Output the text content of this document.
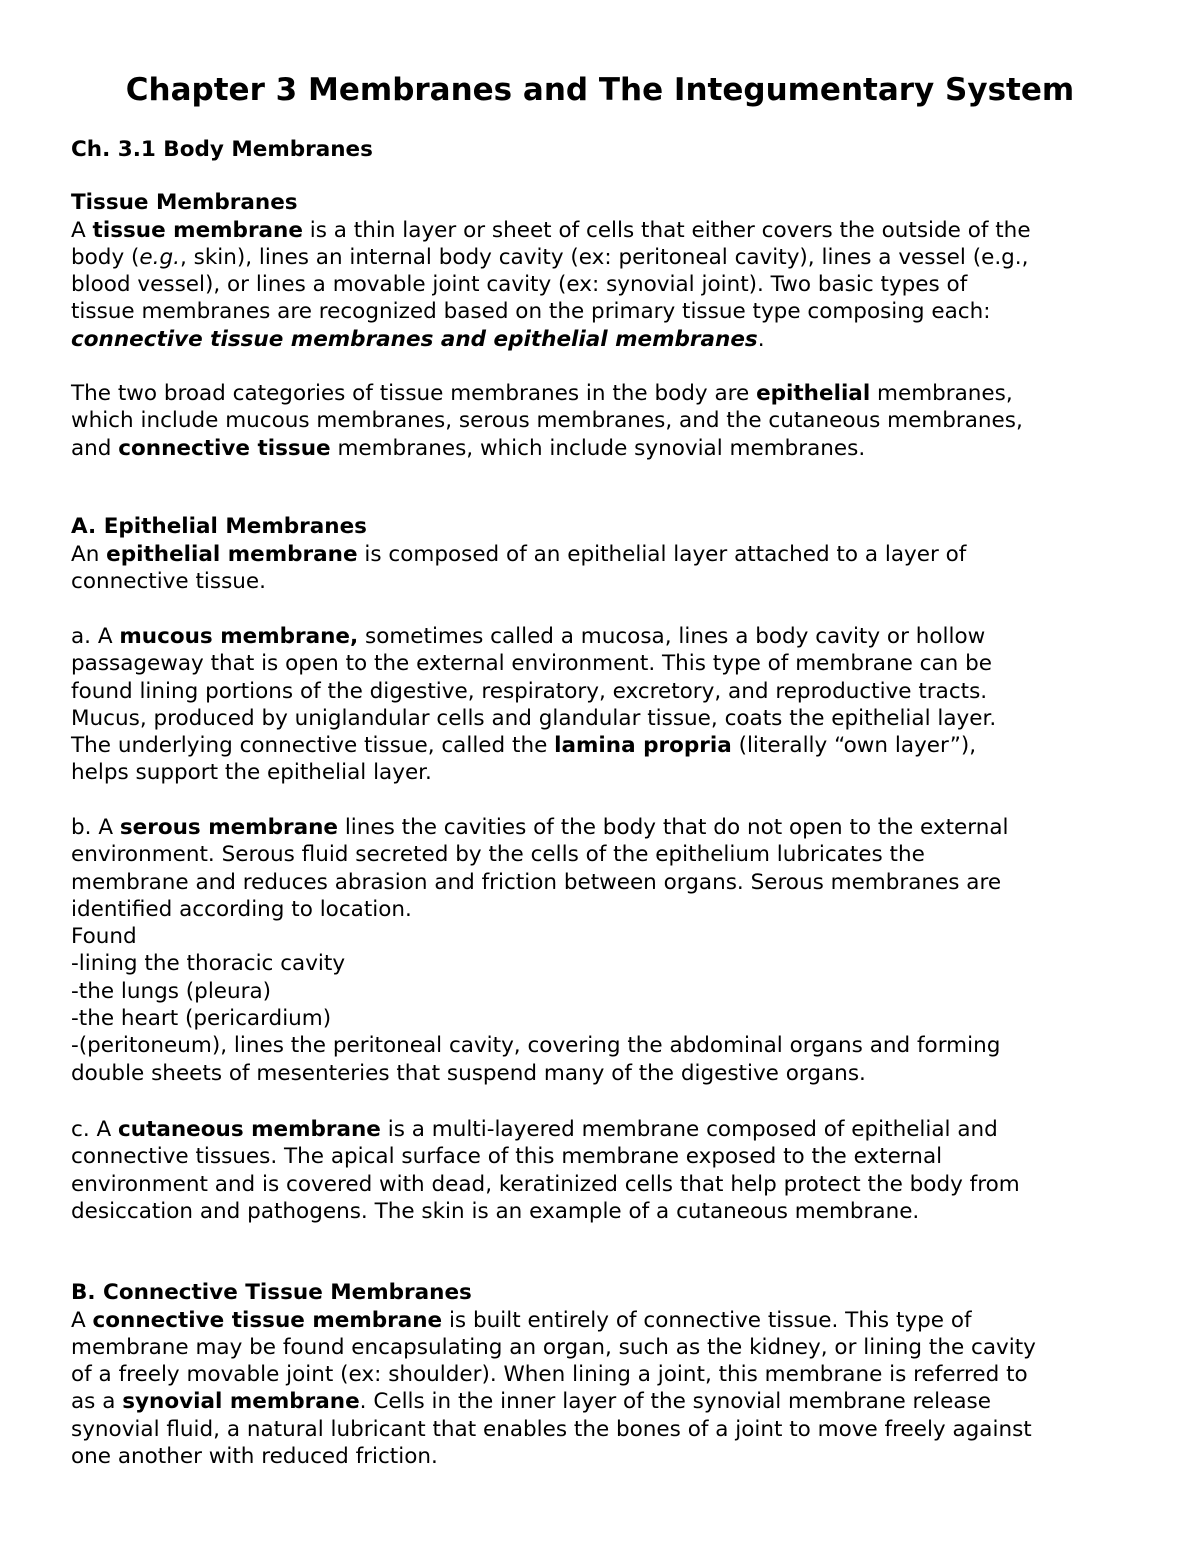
Chapter 3 Membranes and The Integumentary System
Ch. 3.1 Body Membranes
Tissue Membranes

A tissue membrane is a thin layer or sheet of cells that either covers the outside of the
body (e.g., skin), lines an internal body cavity (ex: peritoneal cavity), lines a vessel (e.g.,
blood vessel), or lines a movable joint cavity (ex: synovial joint). Two basic types of
tissue membranes are recognized based on the primary tissue type composing each:
connective tissue membranes and epithelial membranes.

The two broad categories of tissue membranes in the body are epithelial membranes,
which include mucous membranes, serous membranes, and the cutaneous membranes,
and connective tissue membranes, which include synovial membranes.

A. Epithelial Membranes

An epithelial membrane is composed of an epithelial layer attached to a layer of
connective tissue.

a. A mucous membrane, sometimes called a mucosa, lines a body cavity or hollow
passageway that is open to the external environment. This type of membrane can be
found lining portions of the digestive, respiratory, excretory, and reproductive tracts.
Mucus, produced by uniglandular cells and glandular tissue, coats the epithelial layer.
The underlying connective tissue, called the lamina propria (literally “own layer”),
helps support the epithelial layer.

b. A serous membrane lines the cavities of the body that do not open to the external
environment. Serous fluid secreted by the cells of the epithelium lubricates the
membrane and reduces abrasion and friction between organs. Serous membranes are
identified according to location.
Found
-lining the thoracic cavity
-the lungs (pleura)
-the heart (pericardium)
-(peritoneum), lines the peritoneal cavity, covering the abdominal organs and forming
double sheets of mesenteries that suspend many of the digestive organs.

c. A cutaneous membrane is a multi-layered membrane composed of epithelial and
connective tissues. The apical surface of this membrane exposed to the external
environment and is covered with dead, keratinized cells that help protect the body from
desiccation and pathogens. The skin is an example of a cutaneous membrane.

B. Connective Tissue Membranes

A connective tissue membrane is built entirely of connective tissue. This type of
membrane may be found encapsulating an organ, such as the kidney, or lining the cavity
of a freely movable joint (ex: shoulder). When lining a joint, this membrane is referred to
as a synovial membrane. Cells in the inner layer of the synovial membrane release
synovial fluid, a natural lubricant that enables the bones of a joint to move freely against
one another with reduced friction.
